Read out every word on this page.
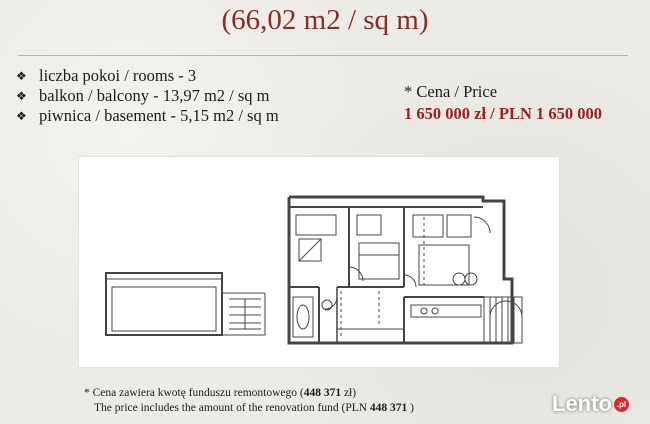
(66,02 m2 / sq m)
❖ liczba pokoi / rooms - 3
❖ balkon / balcony - 13,97 m2 / sq m
❖ piwnica / basement - 5,15 m2 / sq m
* Cena / Price
1 650 000 zł / PLN 1 650 000
* Cena zawiera kwotę funduszu remontowego (448 371 zł)
The price includes the amount of the renovation fund (PLN 448 371 )	Lento .pl
